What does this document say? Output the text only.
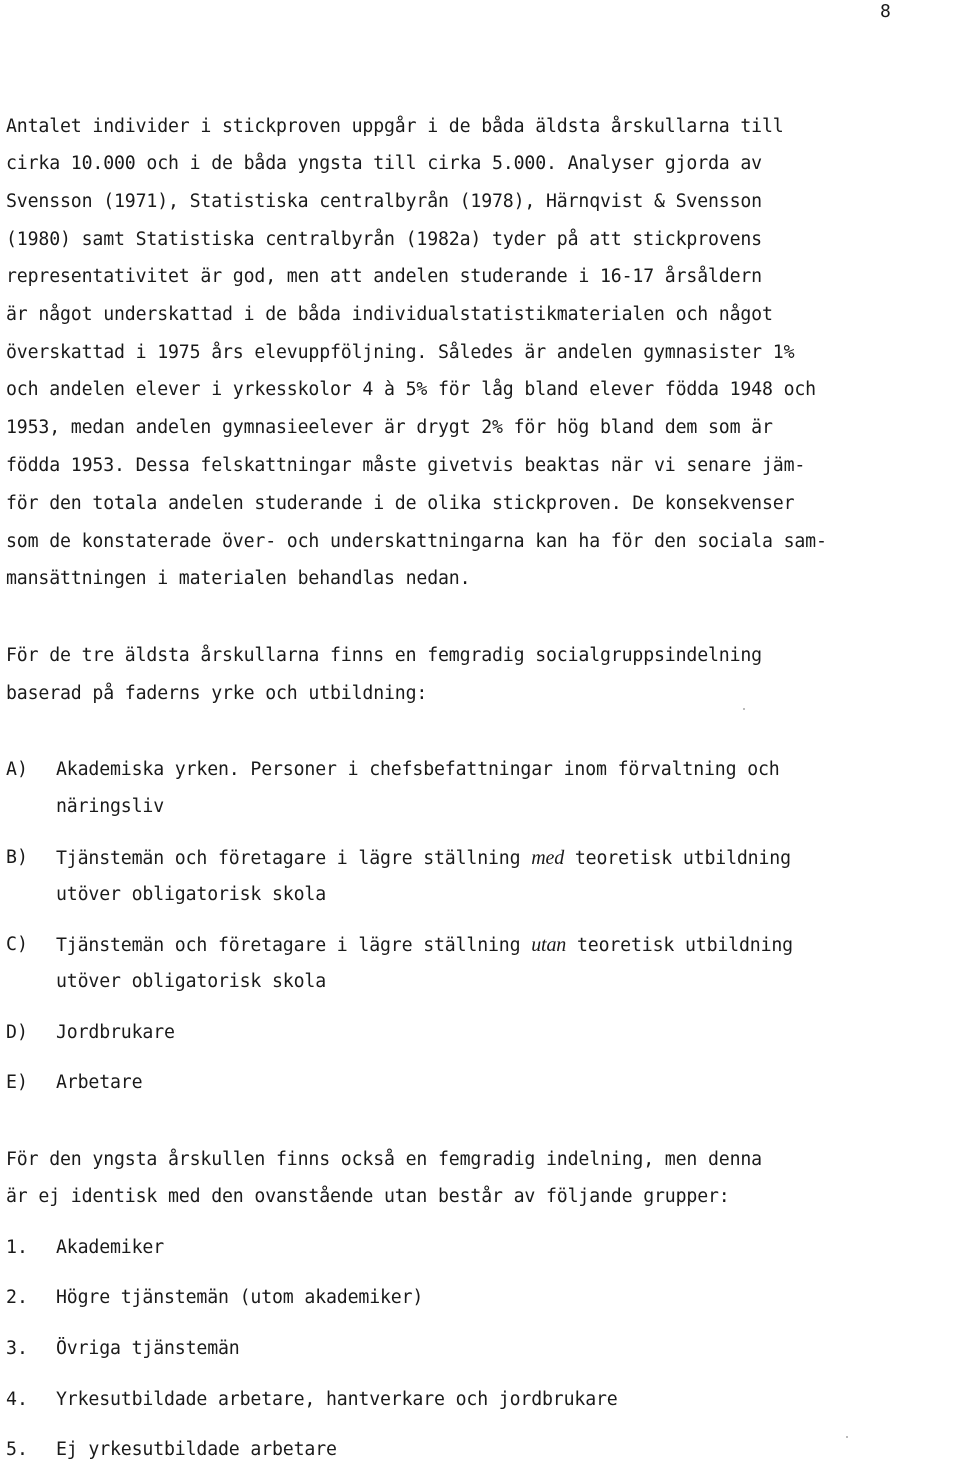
8
Antalet individer i stickproven uppgår i de båda äldsta årskullarna till
cirka 10.000 och i de båda yngsta till cirka 5.000. Analyser gjorda av
Svensson (1971), Statistiska centralbyrån (1978), Härnqvist & Svensson
(1980) samt Statistiska centralbyrån (1982a) tyder på att stickprovens
representativitet är god, men att andelen studerande i 16-17 årsåldern
är något underskattad i de båda individualstatistikmaterialen och något
överskattad i 1975 års elevuppföljning. Således är andelen gymnasister 1%
och andelen elever i yrkesskolor 4 à 5% för låg bland elever födda 1948 och
1953, medan andelen gymnasieelever är drygt 2% för hög bland dem som är
födda 1953. Dessa felskattningar måste givetvis beaktas när vi senare jäm-
för den totala andelen studerande i de olika stickproven. De konsekvenser
som de konstaterade över- och underskattningarna kan ha för den sociala sam-
mansättningen i materialen behandlas nedan.
För de tre äldsta årskullarna finns en femgradig socialgruppsindelning
baserad på faderns yrke och utbildning:
A) Akademiska yrken. Personer i chefsbefattningar inom förvaltning och
näringsliv
B) Tjänstemän och företagare i lägre ställning med teoretisk utbildning
utöver obligatorisk skola
C) Tjänstemän och företagare i lägre ställning utan teoretisk utbildning
utöver obligatorisk skola
D) Jordbrukare
E) Arbetare
För den yngsta årskullen finns också en femgradig indelning, men denna
är ej identisk med den ovanstående utan består av följande grupper:
1. Akademiker
2. Högre tjänstemän (utom akademiker)
3. Övriga tjänstemän
4. Yrkesutbildade arbetare, hantverkare och jordbrukare
5. Ej yrkesutbildade arbetare
